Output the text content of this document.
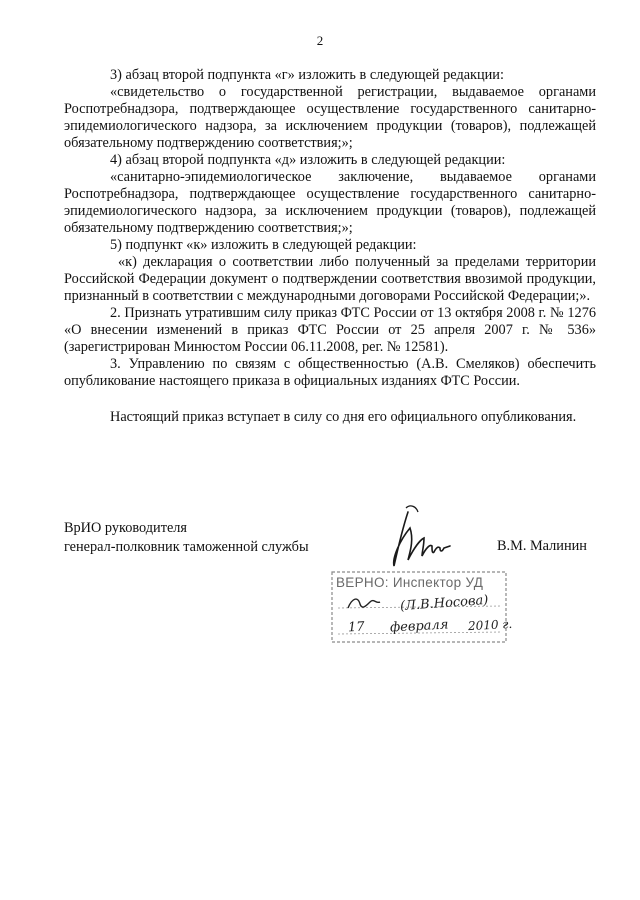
2

3) абзац второй подпункта «г» изложить в следующей редакции:

«свидетельство о государственной регистрации, выдаваемое органами Роспотребнадзора, подтверждающее осуществление государственного санитарно-эпидемиологического надзора, за исключением продукции (товаров), подлежащей обязательному подтверждению соответствия;»;

4) абзац второй подпункта «д» изложить в следующей редакции:

«санитарно-эпидемиологическое заключение, выдаваемое органами Роспотребнадзора, подтверждающее осуществление государственного санитарно-эпидемиологического надзора, за исключением продукции (товаров), подлежащей обязательному подтверждению соответствия;»;

5) подпункт «к» изложить в следующей редакции:

«к) декларация о соответствии либо полученный за пределами территории Российской Федерации документ о подтверждении соответствия ввозимой продукции, признанный в соответствии с международными договорами Российской Федерации;».

2. Признать утратившим силу приказ ФТС России от 13 октября 2008 г. № 1276 «О внесении изменений в приказ ФТС России от 25 апреля 2007 г. № 536» (зарегистрирован Минюстом России 06.11.2008, рег. № 12581).

3. Управлению по связям с общественностью (А.В. Смеляков) обеспечить опубликование настоящего приказа в официальных изданиях ФТС России.

Настоящий приказ вступает в силу со дня его официального опубликования.

ВрИО руководителя
генерал-полковник таможенной службы	В.М. Малинин
ВЕРНО: Инспектор УД
(Л.В.Носова)
17 февраля 2010 г.
